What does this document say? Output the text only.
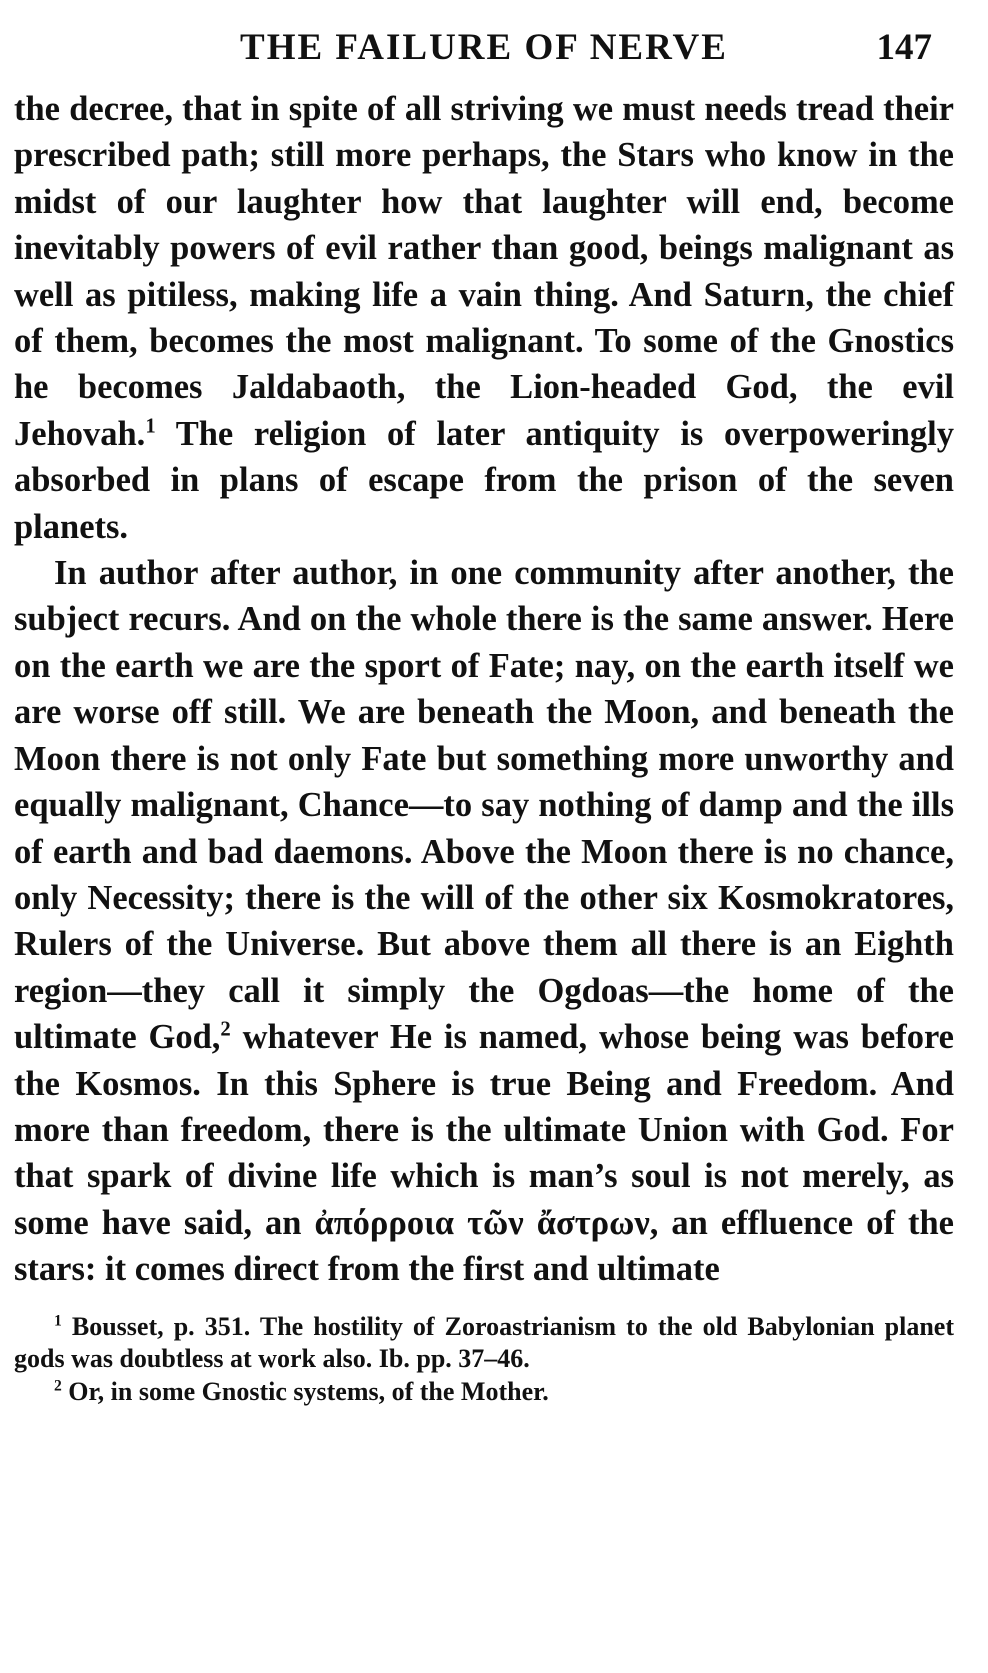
THE FAILURE OF NERVE	147

the decree, that in spite of all striving we must needs tread their prescribed path; still more perhaps, the Stars who know in the midst of our laughter how that laughter will end, become inevitably powers of evil rather than good, beings malignant as well as pitiless, making life a vain thing. And Saturn, the chief of them, becomes the most malignant. To some of the Gnostics he becomes Jaldabaoth, the Lion-headed God, the evil Jehovah.$^1$ The religion of later antiquity is overpoweringly absorbed in plans of escape from the prison of the seven planets.

In author after author, in one community after another, the subject recurs. And on the whole there is the same answer. Here on the earth we are the sport of Fate; nay, on the earth itself we are worse off still. We are beneath the Moon, and beneath the Moon there is not only Fate but something more unworthy and equally malignant, Chance—to say nothing of damp and the ills of earth and bad daemons. Above the Moon there is no chance, only Necessity; there is the will of the other six Kosmokratores, Rulers of the Universe. But above them all there is an Eighth region—they call it simply the Ogdoas—the home of the ultimate God,$^2$ whatever He is named, whose being was before the Kosmos. In this Sphere is true Being and Freedom. And more than freedom, there is the ultimate Union with God. For that spark of divine life which is man’s soul is not merely, as some have said, an ἀπόρροια τῶν ἄστρων, an effluence of the stars: it comes direct from the first and ultimate

$^1$ Bousset, p. 351. The hostility of Zoroastrianism to the old Babylonian planet gods was doubtless at work also. Ib. pp. 37–46.

$^2$ Or, in some Gnostic systems, of the Mother.
